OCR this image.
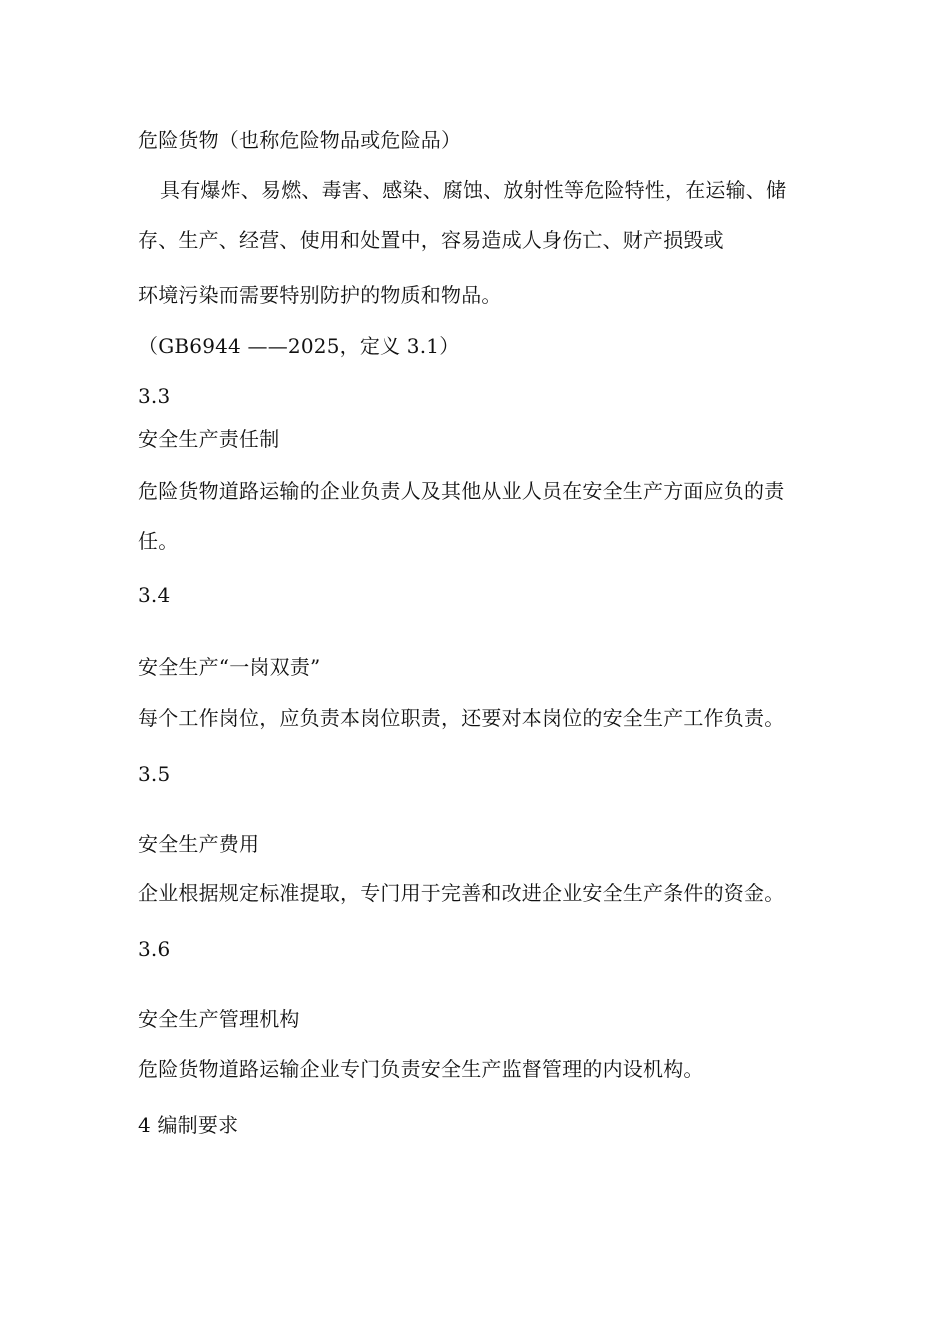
危险货物（也称危险物品或危险品）
具有爆炸、易燃、毒害、感染、腐蚀、放射性等危险特性，在运输、储
存、生产、经营、使用和处置中，容易造成人身伤亡、财产损毁或
环境污染而需要特别防护的物质和物品。
（GB6944 ——2025，定义 3.1）
3.3
安全生产责任制
危险货物道路运输的企业负责人及其他从业人员在安全生产方面应负的责
任。
3.4
安全生产“一岗双责”
每个工作岗位，应负责本岗位职责，还要对本岗位的安全生产工作负责。
3.5
安全生产费用
企业根据规定标准提取，专门用于完善和改进企业安全生产条件的资金。
3.6
安全生产管理机构
危险货物道路运输企业专门负责安全生产监督管理的内设机构。
4 编制要求
